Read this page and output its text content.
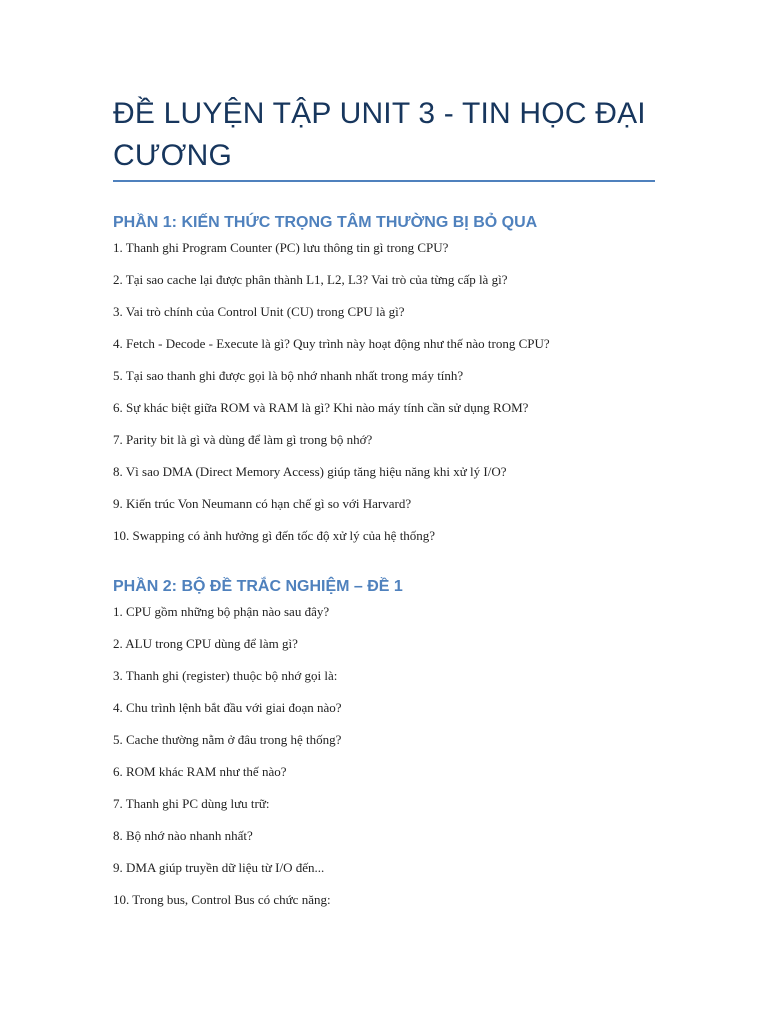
ĐỀ LUYỆN TẬP UNIT 3 - TIN HỌC ĐẠI CƯƠNG
PHẦN 1: KIẾN THỨC TRỌNG TÂM THƯỜNG BỊ BỎ QUA
1. Thanh ghi Program Counter (PC) lưu thông tin gì trong CPU?
2. Tại sao cache lại được phân thành L1, L2, L3? Vai trò của từng cấp là gì?
3. Vai trò chính của Control Unit (CU) trong CPU là gì?
4. Fetch - Decode - Execute là gì? Quy trình này hoạt động như thế nào trong CPU?
5. Tại sao thanh ghi được gọi là bộ nhớ nhanh nhất trong máy tính?
6. Sự khác biệt giữa ROM và RAM là gì? Khi nào máy tính cần sử dụng ROM?
7. Parity bit là gì và dùng để làm gì trong bộ nhớ?
8. Vì sao DMA (Direct Memory Access) giúp tăng hiệu năng khi xử lý I/O?
9. Kiến trúc Von Neumann có hạn chế gì so với Harvard?
10. Swapping có ảnh hưởng gì đến tốc độ xử lý của hệ thống?
PHẦN 2: BỘ ĐỀ TRẮC NGHIỆM – ĐỀ 1
1. CPU gồm những bộ phận nào sau đây?
2. ALU trong CPU dùng để làm gì?
3. Thanh ghi (register) thuộc bộ nhớ gọi là:
4. Chu trình lệnh bắt đầu với giai đoạn nào?
5. Cache thường nằm ở đâu trong hệ thống?
6. ROM khác RAM như thế nào?
7. Thanh ghi PC dùng lưu trữ:
8. Bộ nhớ nào nhanh nhất?
9. DMA giúp truyền dữ liệu từ I/O đến...
10. Trong bus, Control Bus có chức năng:
